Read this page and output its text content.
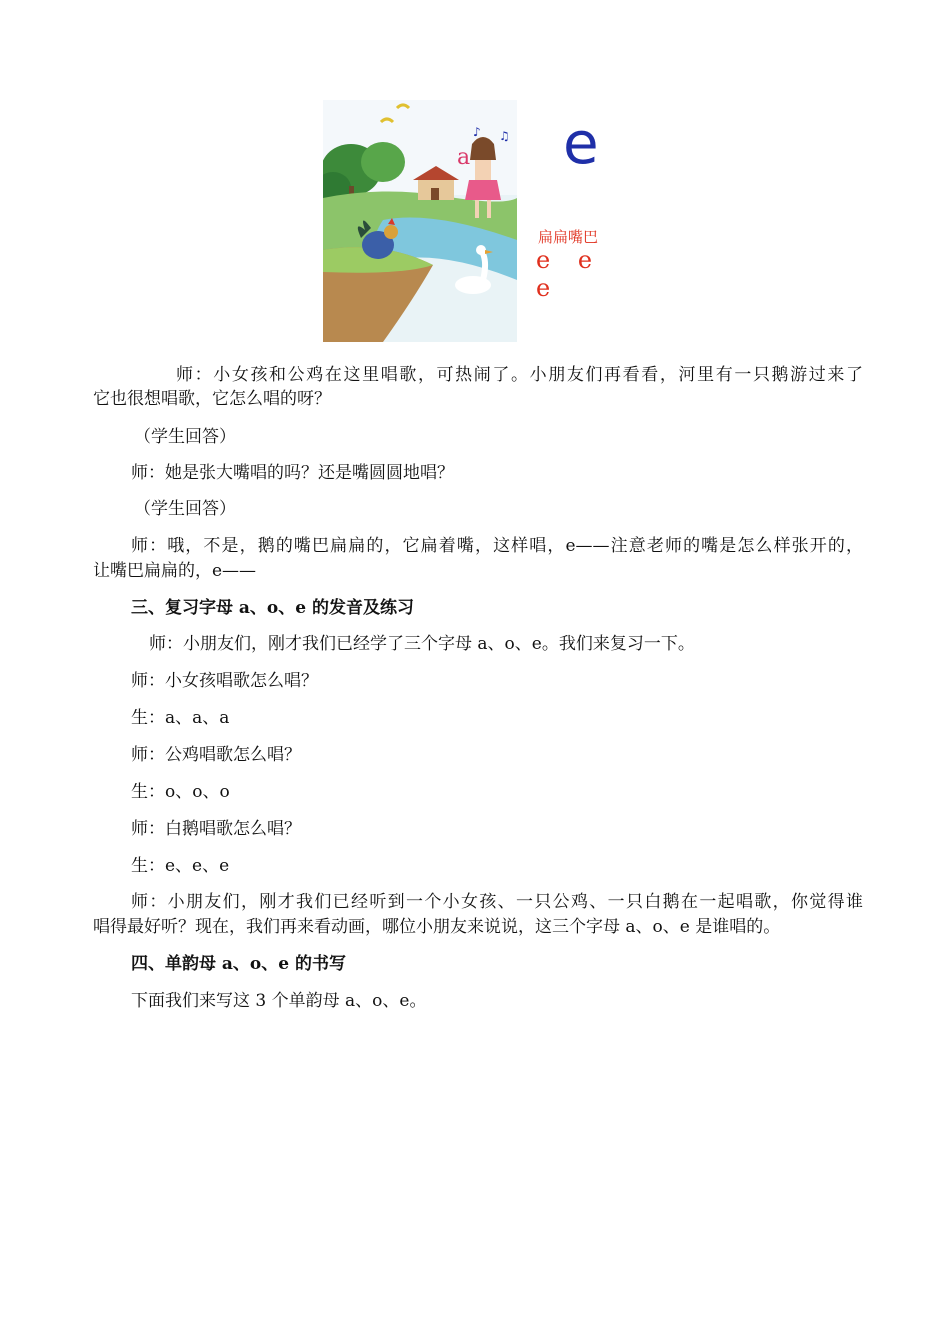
a
♪ ♫ e
扁扁嘴巴
e e e
师：小女孩和公鸡在这里唱歌，可热闹了。小朋友们再看看，河里有一只鹅游过来了
它也很想唱歌，它怎么唱的呀？
（学生回答）
师：她是张大嘴唱的吗？还是嘴圆圆地唱？
（学生回答）
师：哦，不是，鹅的嘴巴扁扁的，它扁着嘴，这样唱，e——注意老师的嘴是怎么样张开的，
让嘴巴扁扁的，e——
三、复习字母 a、o、e 的发音及练习
师：小朋友们，刚才我们已经学了三个字母 a、o、e。我们来复习一下。
师：小女孩唱歌怎么唱？
生：a、a、a
师：公鸡唱歌怎么唱？
生：o、o、o
师：白鹅唱歌怎么唱？
生：e、e、e
师：小朋友们，刚才我们已经听到一个小女孩、一只公鸡、一只白鹅在一起唱歌，你觉得谁
唱得最好听？现在，我们再来看动画，哪位小朋友来说说，这三个字母 a、o、e 是谁唱的。
四、单韵母 a、o、e 的书写
下面我们来写这 3 个单韵母 a、o、e。
